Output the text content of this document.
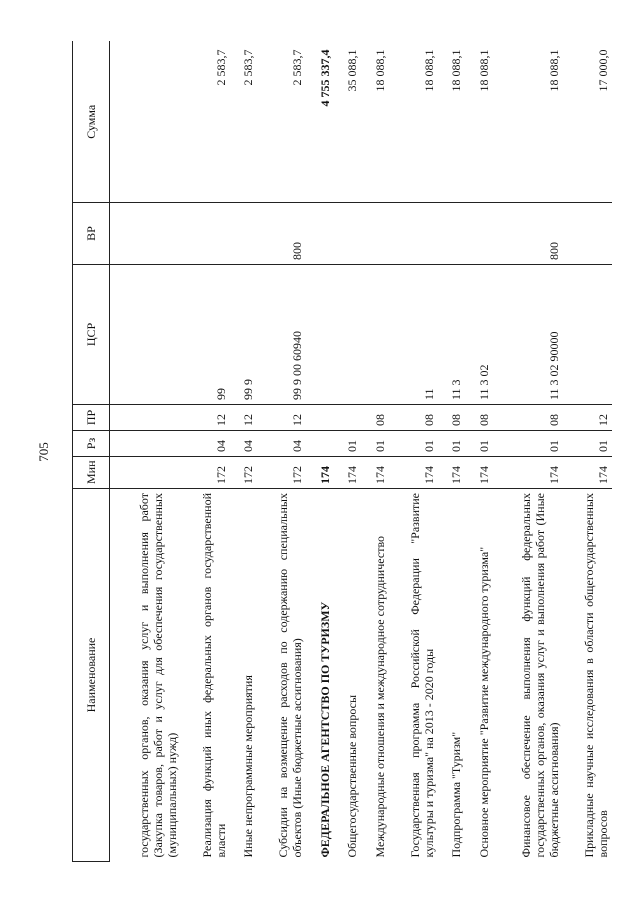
705
Наименование	Мин	Рз	ПР	ЦСР	ВР	Сумма
государственных органов, оказания услуг и выполнения работ (Закупка товаров, работ и услуг для обеспечения государственных (муниципальных) нужд)						
Реализация функций иных федеральных органов государственной власти	172	04	12	99		2 583,7
Иные непрограммные мероприятия	172	04	12	99 9		2 583,7
Субсидии на возмещение расходов по содержанию специальных объектов (Иные бюджетные ассигнования)	172	04	12	99 9 00 60940	800	2 583,7
ФЕДЕРАЛЬНОЕ АГЕНТСТВО ПО ТУРИЗМУ	174					4 755 337,4
Общегосударственные вопросы	174	01				35 088,1
Международные отношения и международное сотрудничество	174	01	08			18 088,1
Государственная программа Российской Федерации "Развитие культуры и туризма" на 2013 - 2020 годы	174	01	08	11		18 088,1
Подпрограмма "Туризм"	174	01	08	11 3		18 088,1
Основное мероприятие "Развитие международного туризма"	174	01	08	11 3 02		18 088,1
Финансовое обеспечение выполнения функций федеральных государственных органов, оказания услуг и выполнения работ (Иные бюджетные ассигнования)	174	01	08	11 3 02 90000	800	18 088,1
Прикладные научные исследования в области общегосударственных вопросов	174	01	12			17 000,0
